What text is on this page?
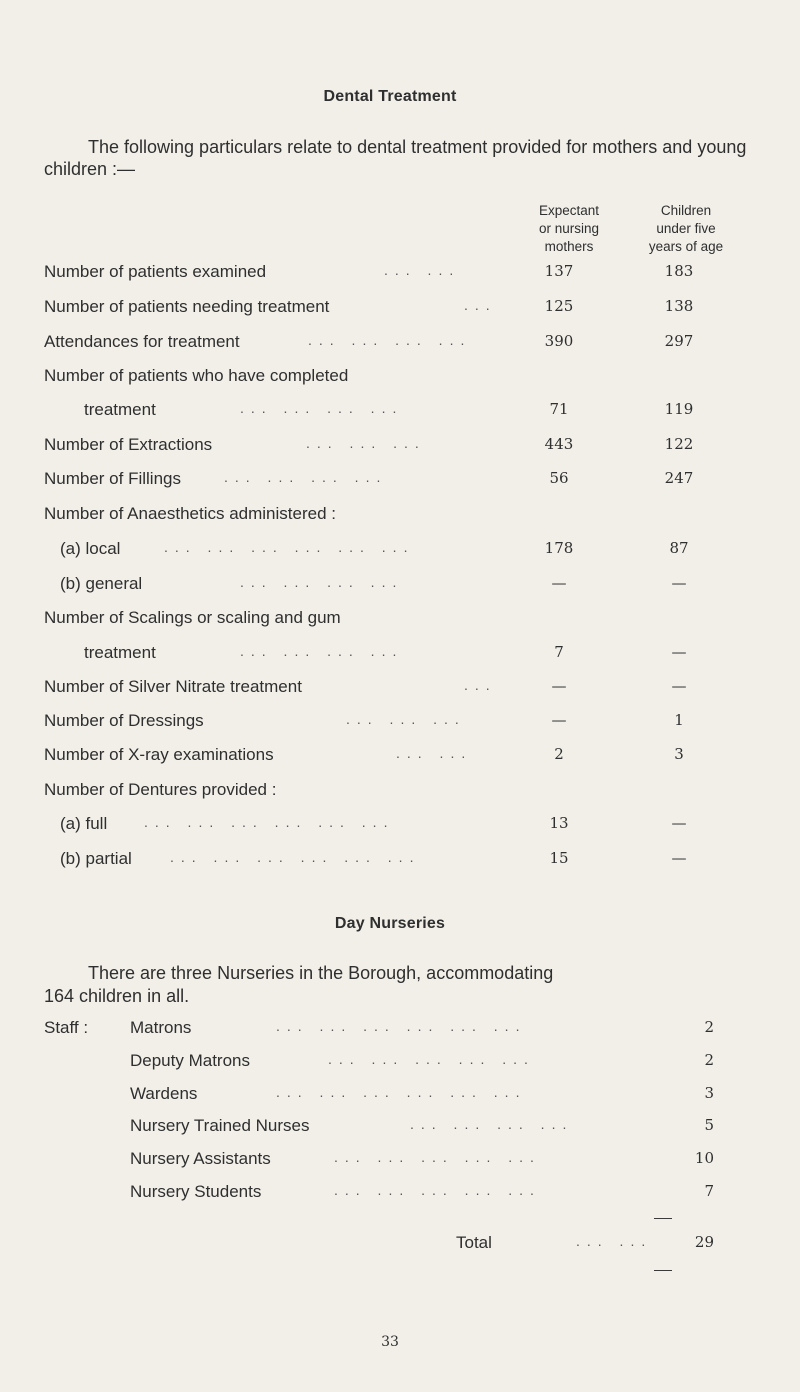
Dental Treatment
The following particulars relate to dental treatment provided for mothers and young children :—
Expectant
or nursing
mothers
Children
under five
years of age
Number of patients examined	... ...	137	183
Number of patients needing treatment	...	125	138
Attendances for treatment	... ... ... ...	390	297
Number of patients who have completed
treatment	... ... ... ...	71	119
Number of Extractions	... ... ...	443	122
Number of Fillings	... ... ... ...	56	247
Number of Anaesthetics administered :
(a) local	... ... ... ... ... ...	178	87
(b) general	... ... ... ...	—	—
Number of Scalings or scaling and gum
treatment	... ... ... ...	7	—
Number of Silver Nitrate treatment	...	—	—
Number of Dressings	... ... ...	—	1
Number of X-ray examinations	... ...	2	3
Number of Dentures provided :
(a) full	... ... ... ... ... ...	13	—
(b) partial	... ... ... ... ... ...	15	—
Day Nurseries
There are three Nurseries in the Borough, accommodating
164 children in all.
Staff : Matrons	... ... ... ... ... ...	2
Deputy Matrons	... ... ... ... ...	2
Wardens	... ... ... ... ... ...	3
Nursery Trained Nurses	... ... ... ...	5
Nursery Assistants	... ... ... ... ...	10
Nursery Students	... ... ... ... ...	7
Total	... ...	29
33
